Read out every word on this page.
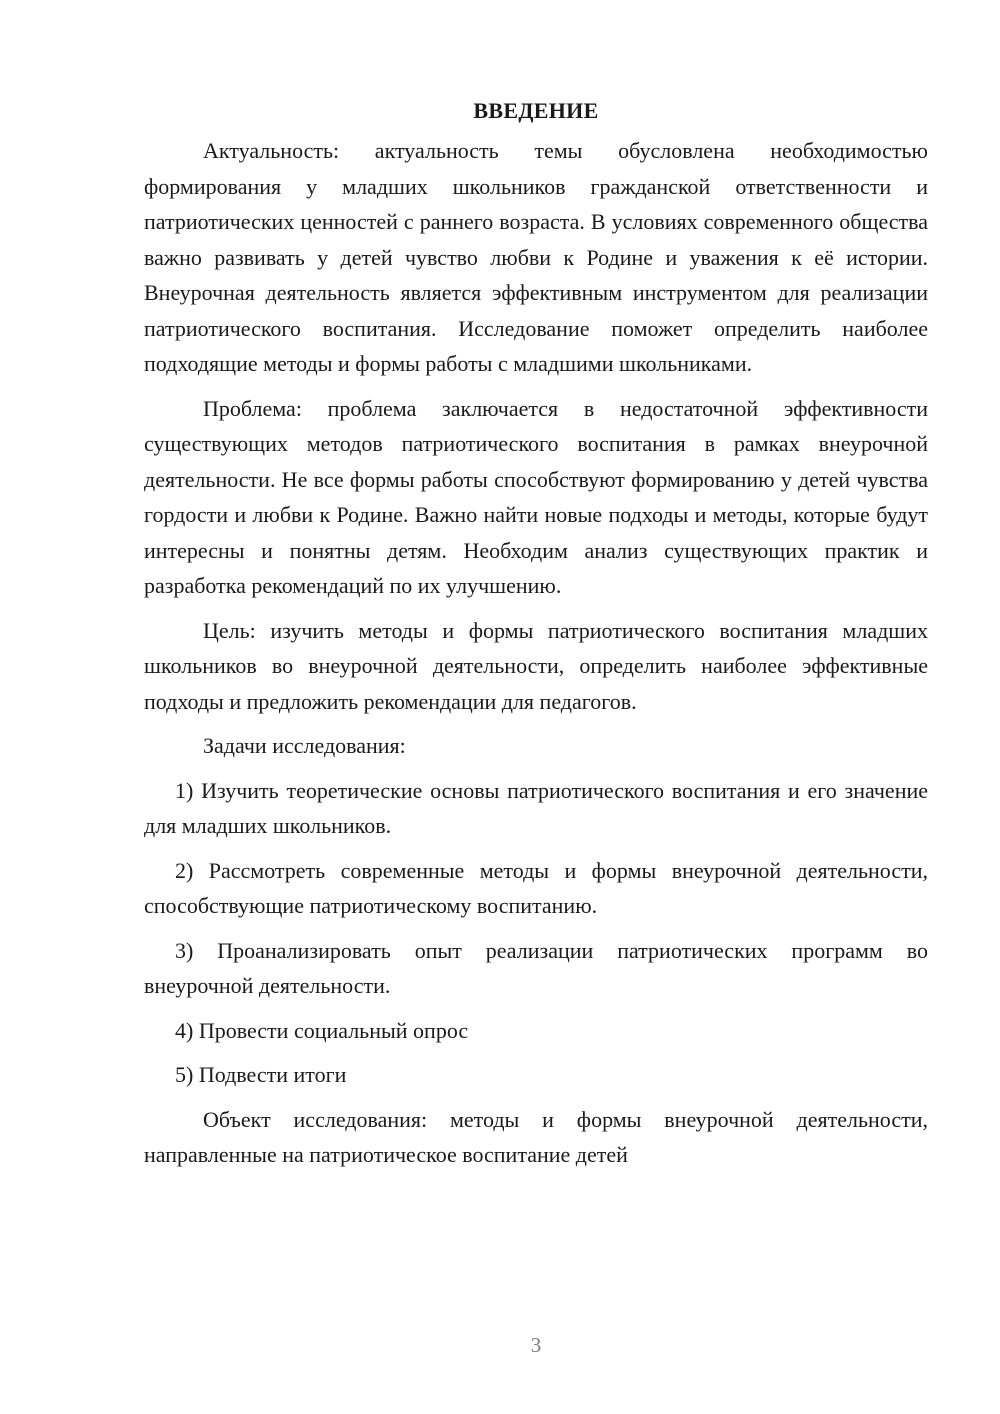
ВВЕДЕНИЕ

Актуальность: актуальность темы обусловлена необходимостью формирования у младших школьников гражданской ответственности и патриотических ценностей с раннего возраста. В условиях современного общества важно развивать у детей чувство любви к Родине и уважения к её истории. Внеурочная деятельность является эффективным инструментом для реализации патриотического воспитания. Исследование поможет определить наиболее подходящие методы и формы работы с младшими школьниками.

Проблема: проблема заключается в недостаточной эффективности существующих методов патриотического воспитания в рамках внеурочной деятельности. Не все формы работы способствуют формированию у детей чувства гордости и любви к Родине. Важно найти новые подходы и методы, которые будут интересны и понятны детям. Необходим анализ существующих практик и разработка рекомендаций по их улучшению.

Цель: изучить методы и формы патриотического воспитания младших школьников во внеурочной деятельности, определить наиболее эффективные подходы и предложить рекомендации для педагогов.

Задачи исследования:

1) Изучить теоретические основы патриотического воспитания и его значение для младших школьников.

2) Рассмотреть современные методы и формы внеурочной деятельности, способствующие патриотическому воспитанию.

3) Проанализировать опыт реализации патриотических программ во внеурочной деятельности.

4) Провести социальный опрос

5) Подвести итоги

Объект исследования: методы и формы внеурочной деятельности, направленные на патриотическое воспитание детей

3
